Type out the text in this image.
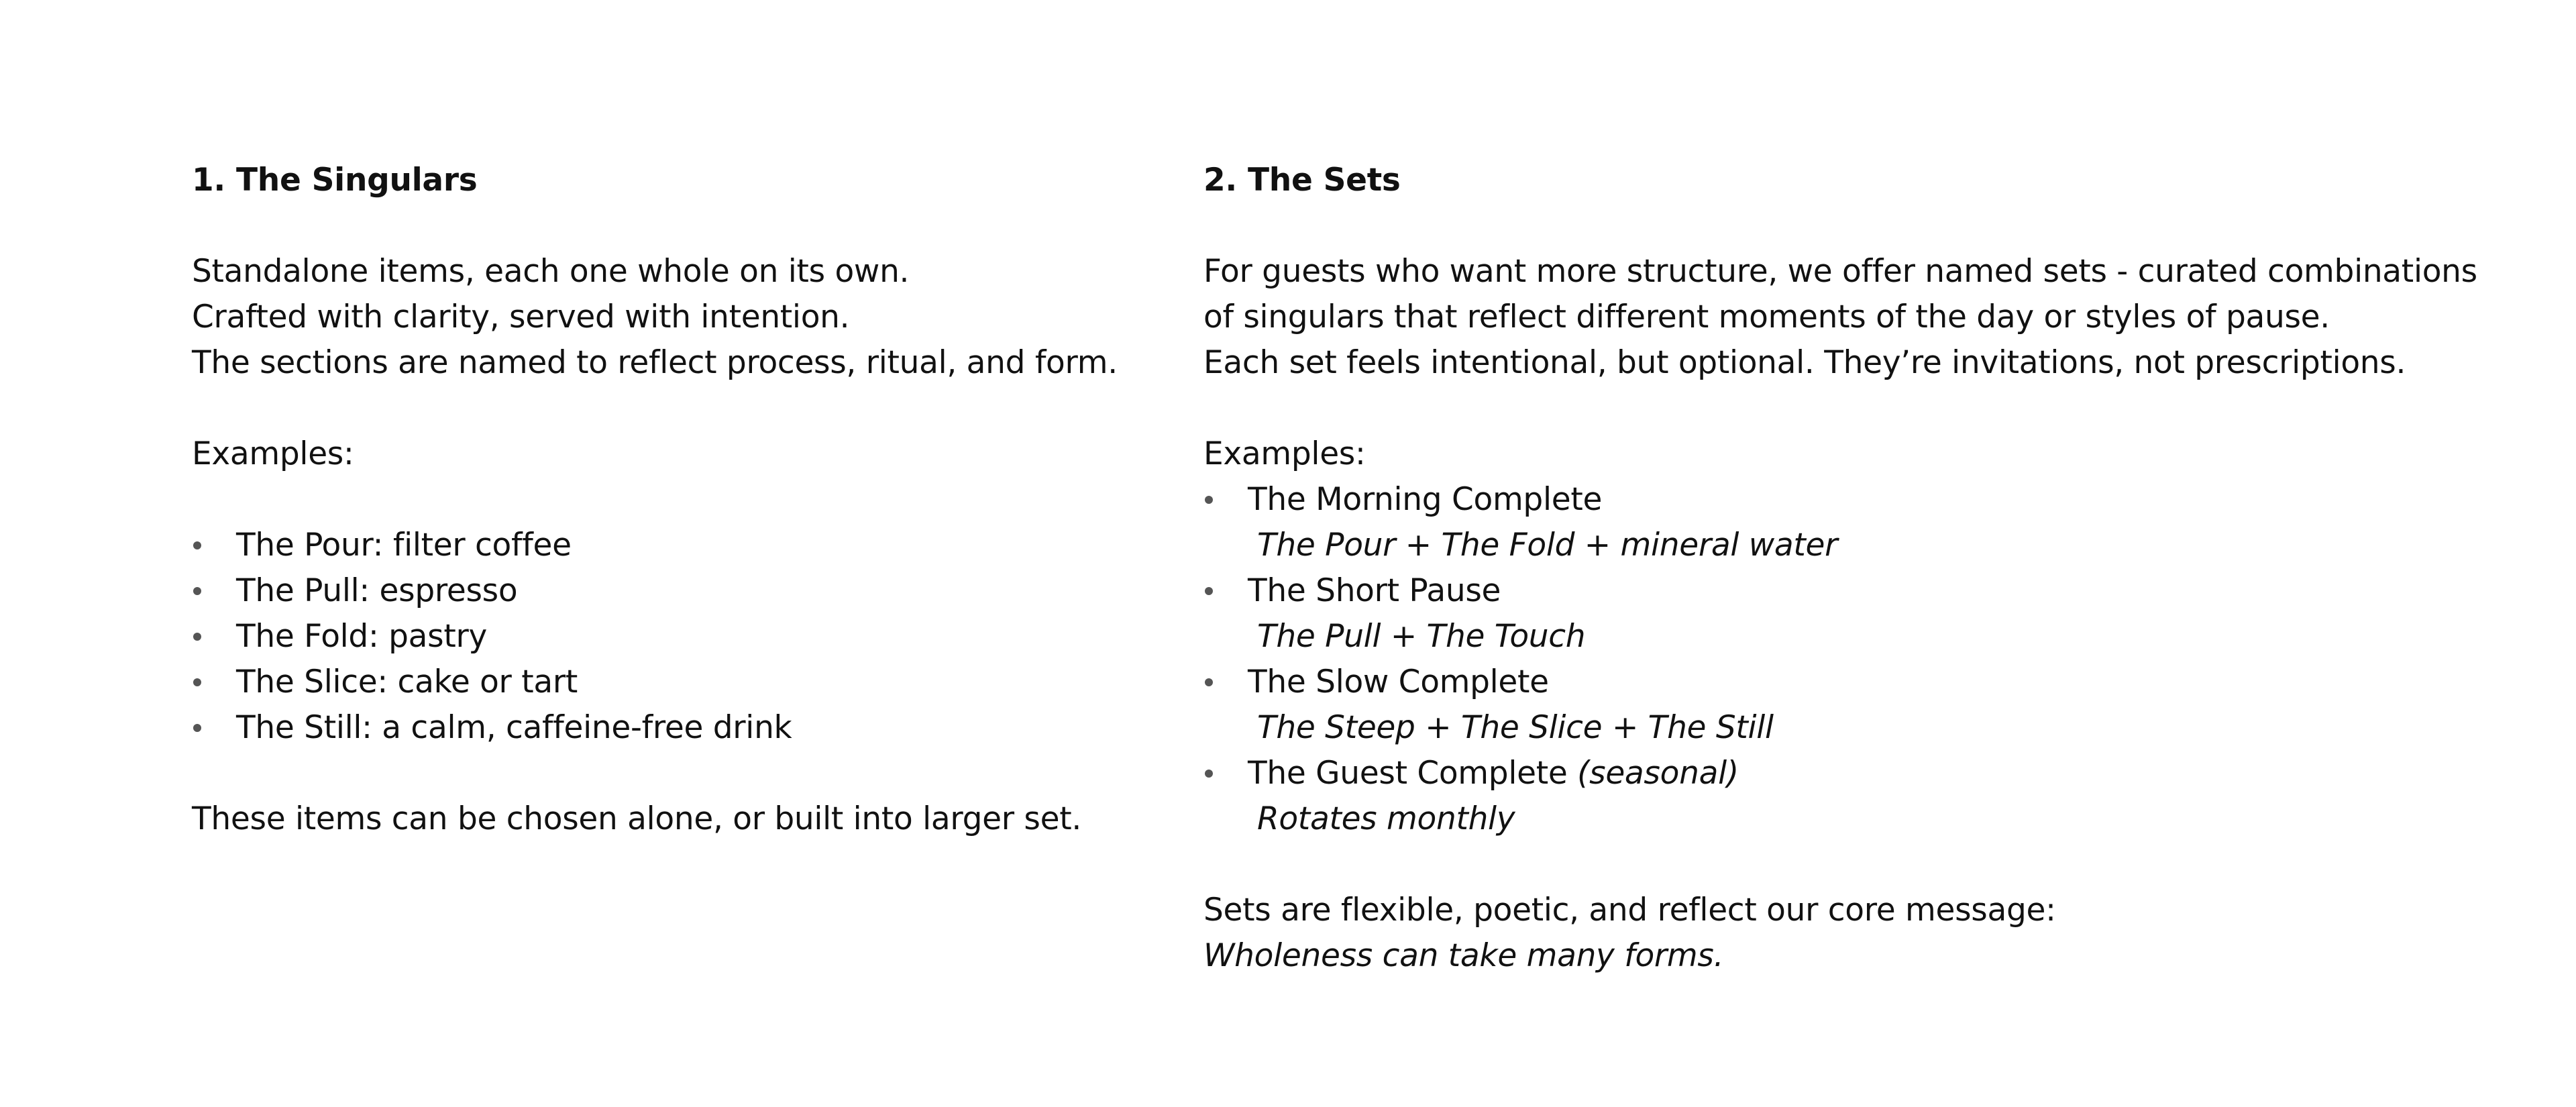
1. The Singulars
Standalone items, each one whole on its own.
Crafted with clarity, served with intention.
The sections are named to reflect process, ritual, and form.
Examples:
The Pour: filter coffee
The Pull: espresso
The Fold: pastry
The Slice: cake or tart
The Still: a calm, caffeine-free drink
These items can be chosen alone, or built into larger set.
2. The Sets
For guests who want more structure, we offer named sets - curated combinations
of singulars that reflect different moments of the day or styles of pause.
Each set feels intentional, but optional. They’re invitations, not prescriptions.
Examples:
The Morning Complete
The Pour + The Fold + mineral water
The Short Pause
The Pull + The Touch
The Slow Complete
The Steep + The Slice + The Still
The Guest Complete (seasonal)
Rotates monthly
Sets are flexible, poetic, and reflect our core message:
Wholeness can take many forms.
